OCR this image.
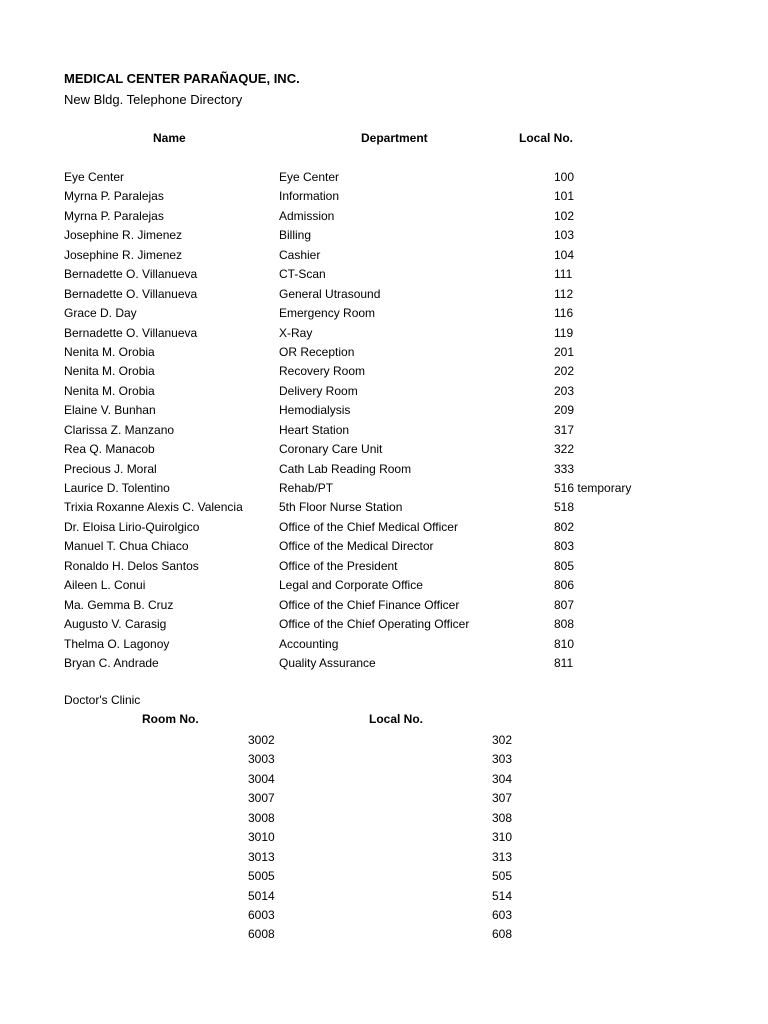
MEDICAL CENTER PARAÑAQUE, INC.
New Bldg. Telephone Directory
Name	Department	Local No.
Eye Center	Eye Center	100
Myrna P. Paralejas	Information	101
Myrna P. Paralejas	Admission	102
Josephine R. Jimenez	Billing	103
Josephine R. Jimenez	Cashier	104
Bernadette O. Villanueva	CT-Scan	111
Bernadette O. Villanueva	General Utrasound	112
Grace D. Day	Emergency Room	116
Bernadette O. Villanueva	X-Ray	119
Nenita M. Orobia	OR Reception	201
Nenita M. Orobia	Recovery Room	202
Nenita M. Orobia	Delivery Room	203
Elaine V. Bunhan	Hemodialysis	209
Clarissa Z. Manzano	Heart Station	317
Rea Q. Manacob	Coronary Care Unit	322
Precious J. Moral	Cath Lab Reading Room	333
Laurice D. Tolentino	Rehab/PT	516 temporary
Trixia Roxanne Alexis C. Valencia	5th Floor Nurse Station	518
Dr. Eloisa Lirio-Quirolgico	Office of the Chief Medical Officer	802
Manuel T. Chua Chiaco	Office of the Medical Director	803
Ronaldo H. Delos Santos	Office of the President	805
Aileen L. Conui	Legal and Corporate Office	806
Ma. Gemma B. Cruz	Office of the Chief Finance Officer	807
Augusto V. Carasig	Office of the Chief Operating Officer	808
Thelma O. Lagonoy	Accounting	810
Bryan C. Andrade	Quality Assurance	811
Doctor's Clinic
Room No.	Local No.
3002	302
3003	303
3004	304
3007	307
3008	308
3010	310
3013	313
5005	505
5014	514
6003	603
6008	608
